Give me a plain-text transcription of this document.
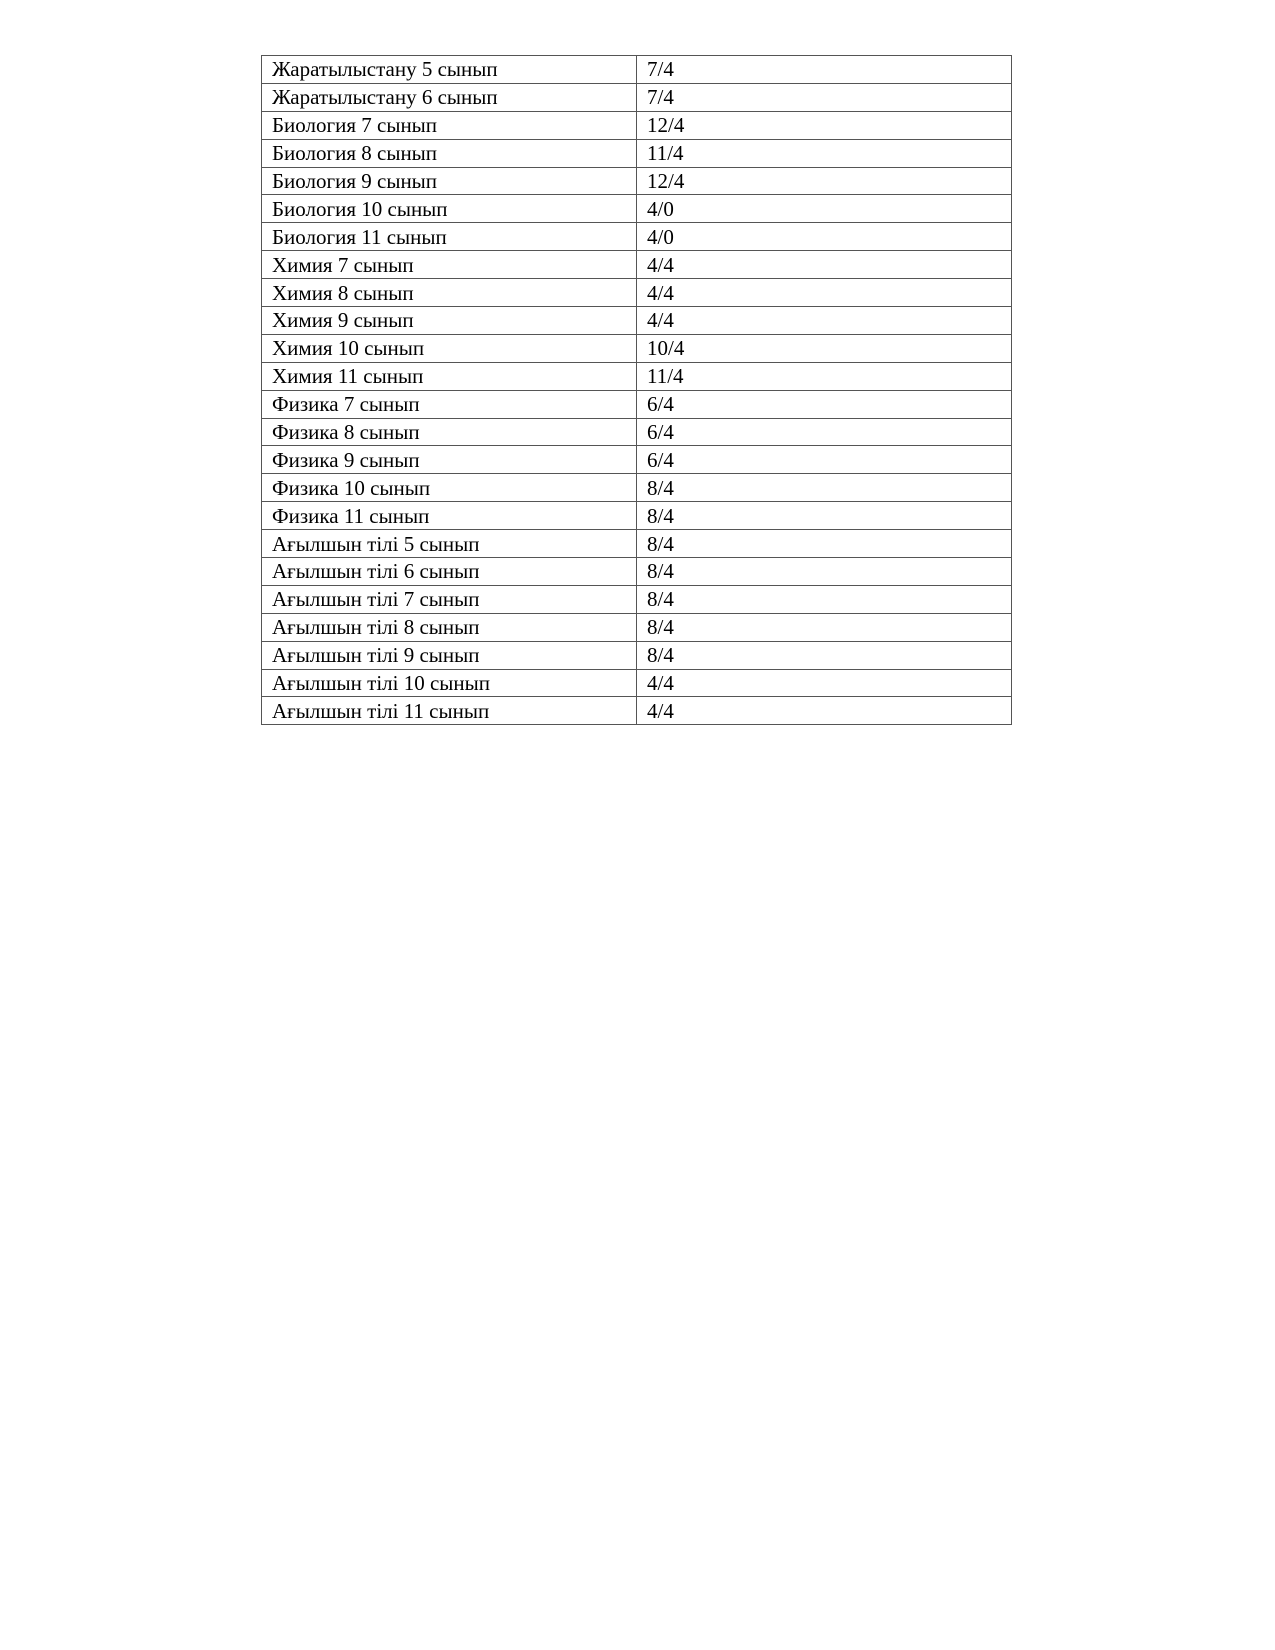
Жаратылыстану 5 сынып	7/4
Жаратылыстану 6 сынып	7/4
Биология 7 сынып	12/4
Биология 8 сынып	11/4
Биология 9 сынып	12/4
Биология 10 сынып	4/0
Биология 11 сынып	4/0
Химия 7 сынып	4/4
Химия 8 сынып	4/4
Химия 9 сынып	4/4
Химия 10 сынып	10/4
Химия 11 сынып	11/4
Физика 7 сынып	6/4
Физика 8 сынып	6/4
Физика 9 сынып	6/4
Физика 10 сынып	8/4
Физика 11 сынып	8/4
Ағылшын тілі 5 сынып	8/4
Ағылшын тілі 6 сынып	8/4
Ағылшын тілі 7 сынып	8/4
Ағылшын тілі 8 сынып	8/4
Ағылшын тілі 9 сынып	8/4
Ағылшын тілі 10 сынып	4/4
Ағылшын тілі 11 сынып	4/4
